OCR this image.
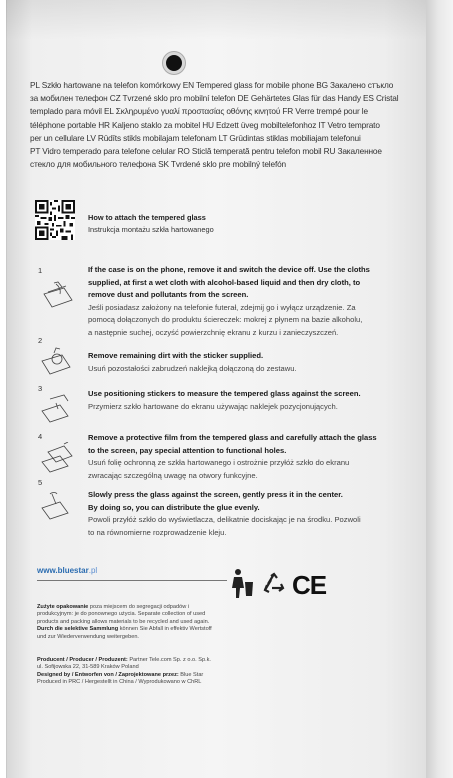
PL Szkło hartowane na telefon komórkowy EN Tempered glass for mobile phone BG Закалено стъкло за мобилен телефон CZ Tvrzené sklo pro mobilní telefon DE Gehärtetes Glas für das Handy ES Cristal templado para móvil EL Σκληρυμένο γυαλί προστασίας οθόνης κινητού FR Verre trempé pour le téléphone portable HR Kaljeno staklo za mobitel HU Edzett üveg mobiltelefonhoz IT Vetro temprato per un cellulare LV Rūdīts stikls mobilajam telefonam LT Grūdintas stiklas mobiliajam telefonui PT Vidro temperado para telefone celular RO Sticlă temperată pentru telefon mobil RU Закаленное стекло для мобильного телефона SK Tvrdené sklo pre mobilný telefón
How to attach the tempered glass
Instrukcja montażu szkła hartowanego
1	If the case is on the phone, remove it and switch the device off. Use the cloths
supplied, at first a wet cloth with alcohol-based liquid and then dry cloth, to
remove dust and pollutants from the screen.
Jeśli posiadasz założony na telefonie futerał, zdejmij go i wyłącz urządzenie. Za
pomocą dołączonych do produktu ściereczek: mokrej z płynem na bazie alkoholu,
a następnie suchej, oczyść powierzchnię ekranu z kurzu i zanieczyszczeń.
2
Remove remaining dirt with the sticker supplied.
Usuń pozostałości zabrudzeń naklejką dołączoną do zestawu.
3
Use positioning stickers to measure the tempered glass against the screen.
Przymierz szkło hartowane do ekranu używając naklejek pozycjonujących.
4	Remove a protective film from the tempered glass and carefully attach the glass
to the screen, pay special attention to functional holes.
Usuń folię ochronną ze szkła hartowanego i ostrożnie przyłóż szkło do ekranu
zwracając szczególną uwagę na otwory funkcyjne.
5
Slowly press the glass against the screen, gently press it in the center.
By doing so, you can distribute the glue evenly.
Powoli przyłóż szkło do wyświetlacza, delikatnie dociskając je na środku. Pozwoli
to na równomierne rozprowadzenie kleju.
www.bluestar.pl	CE
Zużyte opakowanie poza miejscem do segregacji odpadów i
produkcyjnym: je do ponownego użycia. Separate collection of used
products and packing allows materials to be recycled and used again.
Durch die selektive Sammlung können Sie Abfall in effektiv Wertstoff
und zur Wiederverwendung weitergeben.
Producent / Producer / Produzent: Partner Tele.com Sp. z o.o. Sp.k.
ul. Sofijowska 22, 31-589 Kraków Poland
Designed by / Entworfen von / Zaprojektowane przez: Blue Star
Produced in PRC / Hergestellt in China / Wyprodukowano w ChRL
